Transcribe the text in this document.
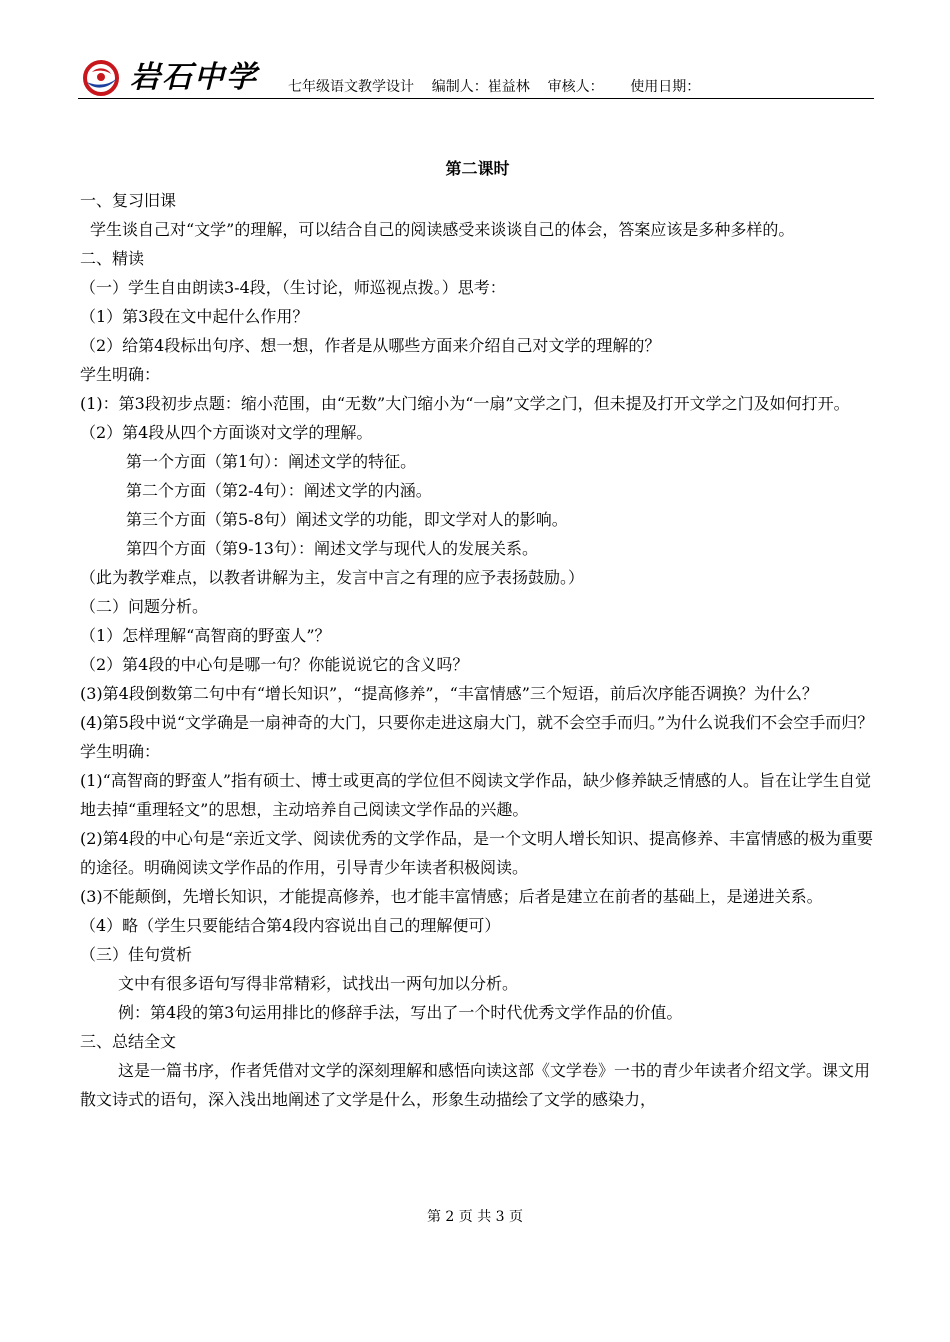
岩石中学 七年级语文教学设计    编制人：崔益林    审核人：      使用日期：

第二课时

一、复习旧课

学生谈自己对“文学”的理解，可以结合自己的阅读感受来谈谈自己的体会，答案应该是多种多样的。

二、精读

（一）学生自由朗读3-4段，（生讨论，师巡视点拨。）思考：

（1）第3段在文中起什么作用？

（2）给第4段标出句序、想一想，作者是从哪些方面来介绍自己对文学的理解的？

学生明确：

(1)：第3段初步点题：缩小范围，由“无数”大门缩小为“一扇”文学之门，但未提及打开文学之门及如何打开。

（2）第4段从四个方面谈对文学的理解。

第一个方面（第1句）：阐述文学的特征。

第二个方面（第2-4句）：阐述文学的内涵。

第三个方面（第5-8句）阐述文学的功能，即文学对人的影响。

第四个方面（第9-13句）：阐述文学与现代人的发展关系。

（此为教学难点，以教者讲解为主，发言中言之有理的应予表扬鼓励。）

（二）问题分析。

（1）怎样理解“高智商的野蛮人”？

（2）第4段的中心句是哪一句？你能说说它的含义吗？

(3)第4段倒数第二句中有“增长知识”，“提高修养”，“丰富情感”三个短语，前后次序能否调换？为什么？

(4)第5段中说“文学确是一扇神奇的大门，只要你走进这扇大门，就不会空手而归。”为什么说我们不会空手而归？

学生明确：

(1)“高智商的野蛮人”指有硕士、博士或更高的学位但不阅读文学作品，缺少修养缺乏情感的人。旨在让学生自觉地去掉“重理轻文”的思想，主动培养自己阅读文学作品的兴趣。

(2)第4段的中心句是“亲近文学、阅读优秀的文学作品，是一个文明人增长知识、提高修养、丰富情感的极为重要的途径。明确阅读文学作品的作用，引导青少年读者积极阅读。

(3)不能颠倒，先增长知识，才能提高修养，也才能丰富情感；后者是建立在前者的基础上，是递进关系。

（4）略（学生只要能结合第4段内容说出自己的理解便可）

（三）佳句赏析

文中有很多语句写得非常精彩，试找出一两句加以分析。

例：第4段的第3句运用排比的修辞手法，写出了一个时代优秀文学作品的价值。

三、总结全文

这是一篇书序，作者凭借对文学的深刻理解和感悟向读这部《文学卷》一书的青少年读者介绍文学。课文用散文诗式的语句，深入浅出地阐述了文学是什么，形象生动描绘了文学的感染力，

第 2 页 共 3 页
